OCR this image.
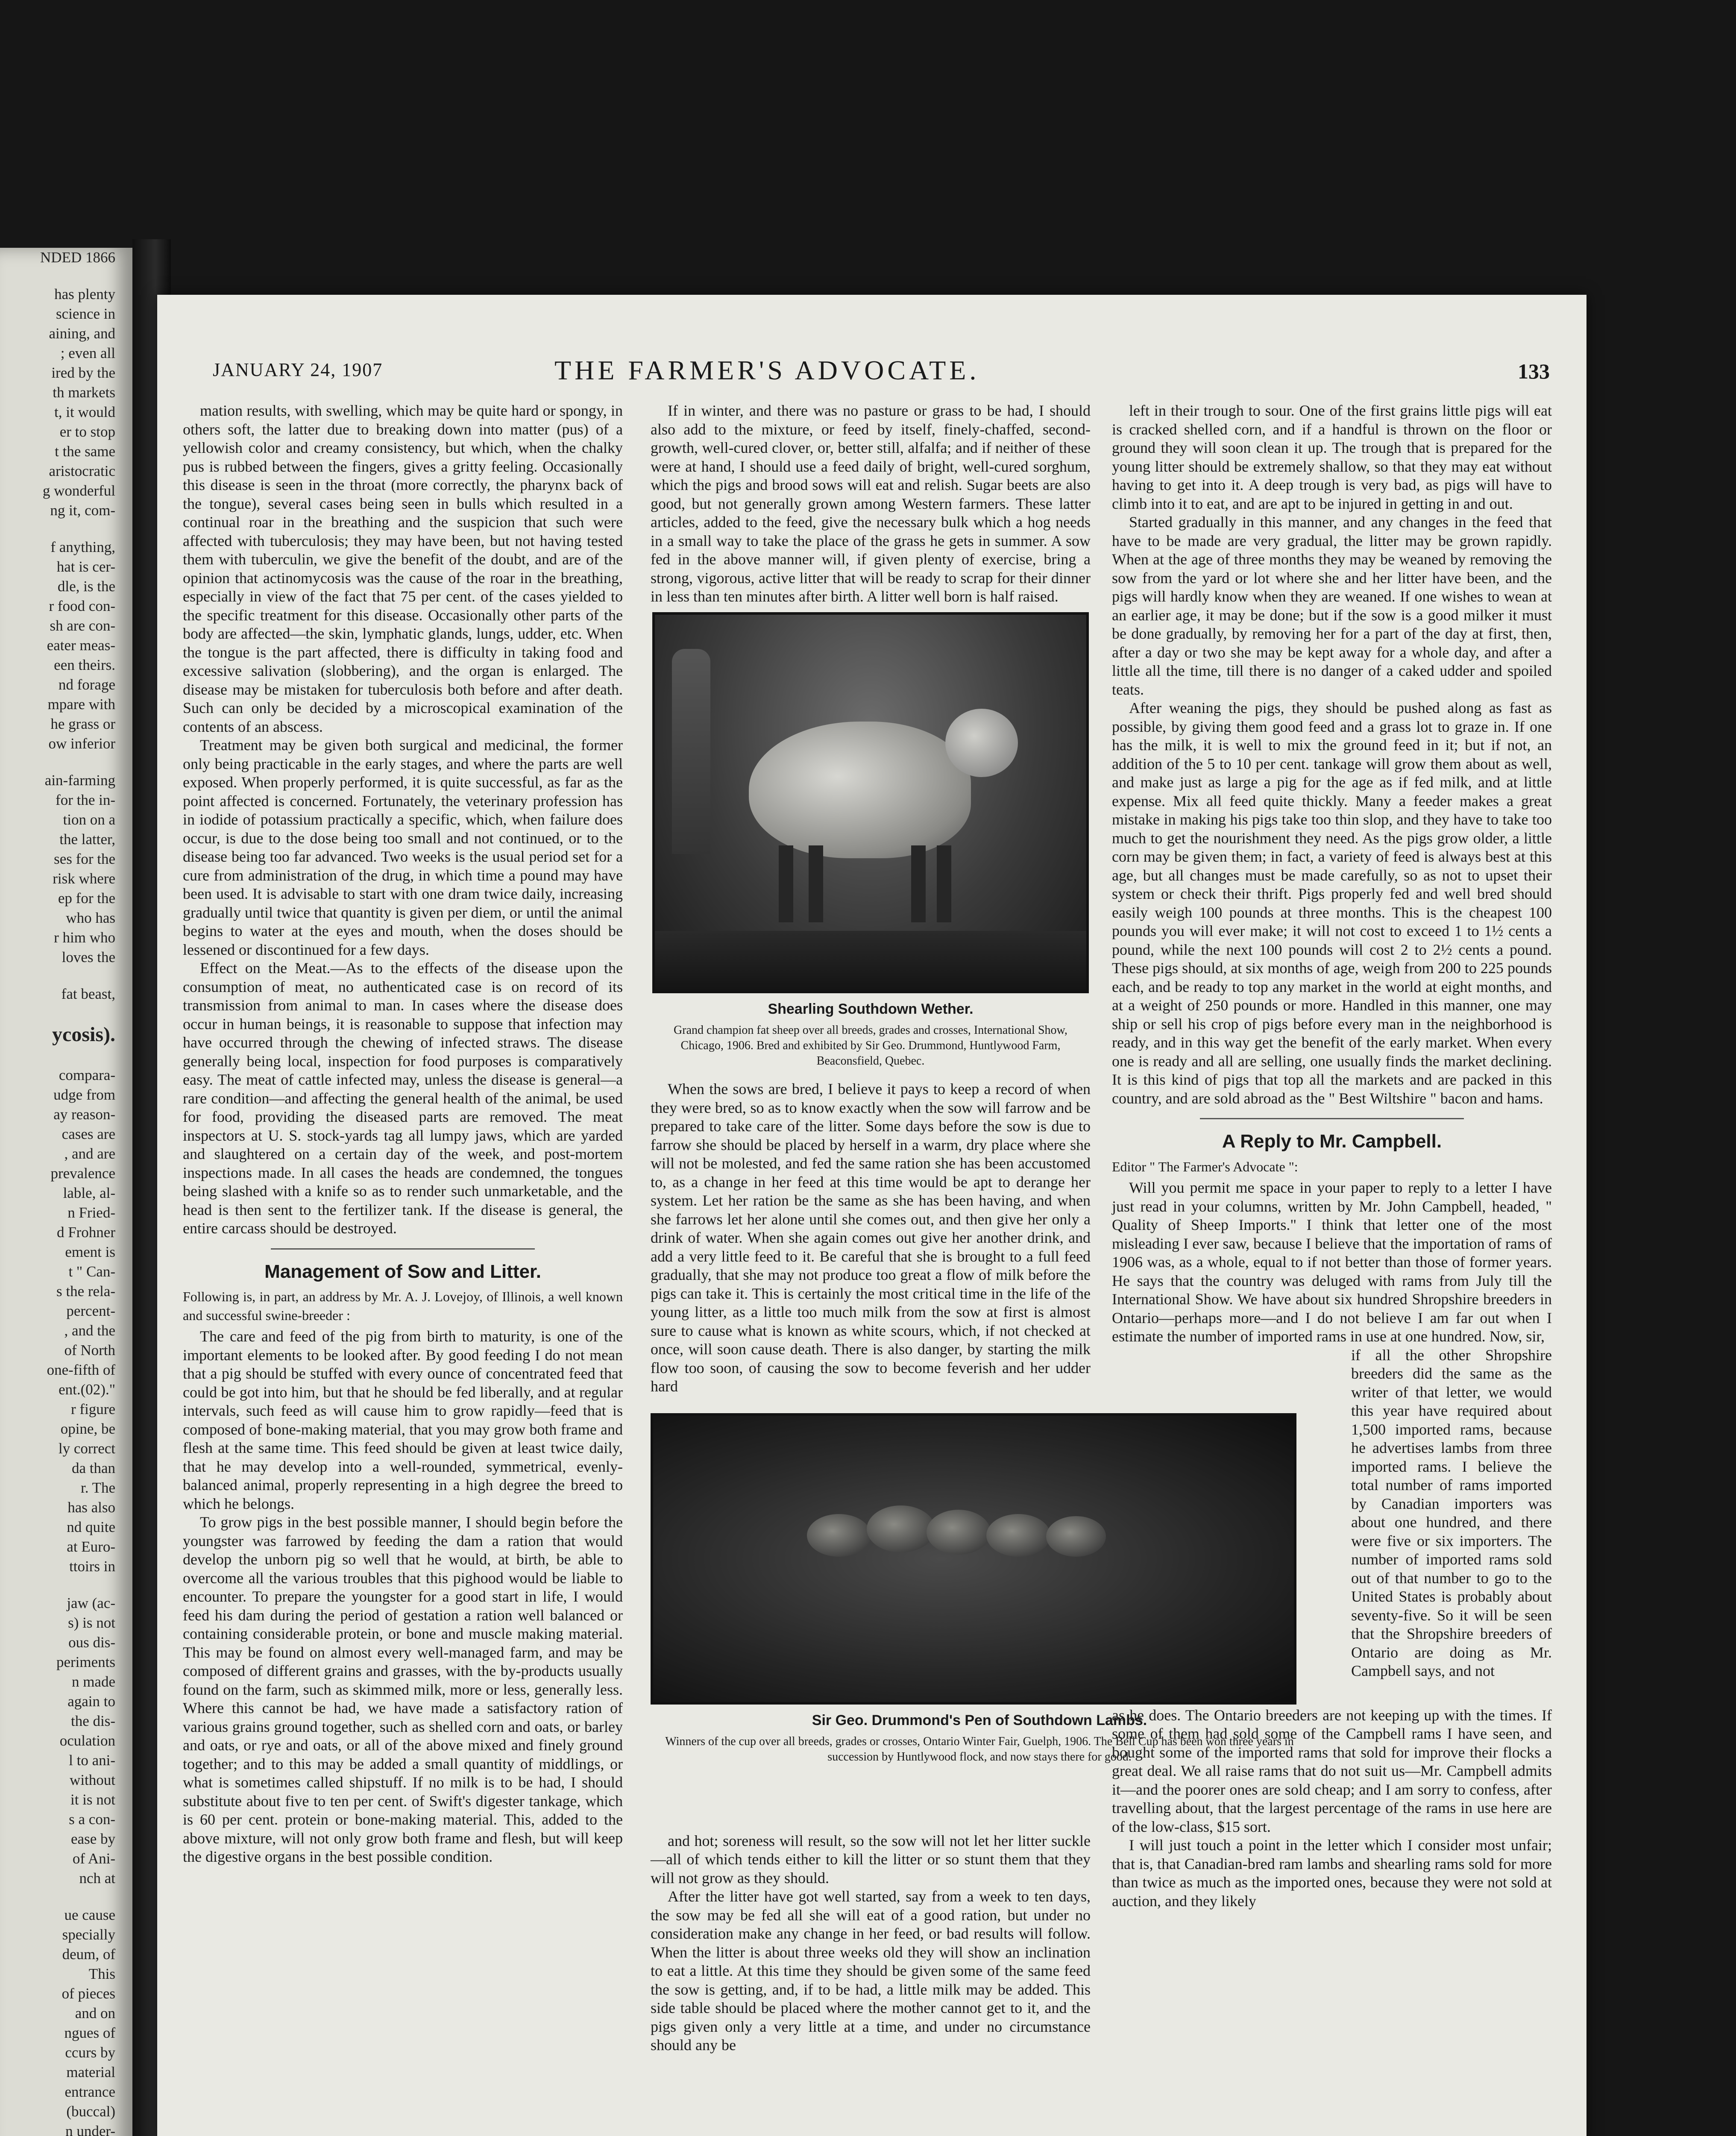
NDED 1866
has plenty
science in
aining, and
; even all
ired by the
th markets
t, it would
er to stop
t the same
aristocratic
g wonderful
ng it, com-
f anything,
hat is cer-
dle, is the
r food con-
sh are con-
eater meas-
een theirs.
nd forage
mpare with
he grass or
ow inferior
ain-farming
for the in-
tion on a
the latter,
ses for the
risk where
ep for the
who has
r him who
loves the
fat beast,
ycosis).
compara-
udge from
ay reason-
cases are
, and are
prevalence
lable, al-
n Fried-
d Frohner
ement is
t " Can-
s the rela-
percent-
, and the
of North
one-fifth of
ent.(02)."
r figure
opine, be
ly correct
da than
r. The
has also
nd quite
at Euro-
ttoirs in
jaw (ac-
s) is not
ous dis-
periments
n made
again to
the dis-
oculation
l to ani-
without
it is not
s a con-
ease by
of Ani-
nch at
ue cause
specially
deum, of
This
of pieces
and on
ngues of
ccurs by
material
entrance
(buccal)
n under-
JANUARY 24, 1907	THE FARMER'S ADVOCATE.	133

mation results, with swelling, which may be quite hard or spongy, in others soft, the latter due to breaking down into matter (pus) of a yellowish color and creamy consistency, but which, when the chalky pus is rubbed between the fingers, gives a gritty feeling. Occasionally this disease is seen in the throat (more correctly, the pharynx back of the tongue), several cases being seen in bulls which resulted in a continual roar in the breathing and the suspicion that such were affected with tuberculosis; they may have been, but not having tested them with tuberculin, we give the benefit of the doubt, and are of the opinion that actinomycosis was the cause of the roar in the breathing, especially in view of the fact that 75 per cent. of the cases yielded to the specific treatment for this disease. Occasionally other parts of the body are affected—the skin, lymphatic glands, lungs, udder, etc. When the tongue is the part affected, there is difficulty in taking food and excessive salivation (slobbering), and the organ is enlarged. The disease may be mistaken for tuberculosis both before and after death. Such can only be decided by a microscopical examination of the contents of an abscess.

Treatment may be given both surgical and medicinal, the former only being practicable in the early stages, and where the parts are well exposed. When properly performed, it is quite successful, as far as the point affected is concerned. Fortunately, the veterinary profession has in iodide of potassium practically a specific, which, when failure does occur, is due to the dose being too small and not continued, or to the disease being too far advanced. Two weeks is the usual period set for a cure from administration of the drug, in which time a pound may have been used. It is advisable to start with one dram twice daily, increasing gradually until twice that quantity is given per diem, or until the animal begins to water at the eyes and mouth, when the doses should be lessened or discontinued for a few days.

Effect on the Meat.—As to the effects of the disease upon the consumption of meat, no authenticated case is on record of its transmission from animal to man. In cases where the disease does occur in human beings, it is reasonable to suppose that infection may have occurred through the chewing of infected straws. The disease generally being local, inspection for food purposes is comparatively easy. The meat of cattle infected may, unless the disease is general—a rare condition—and affecting the general health of the animal, be used for food, providing the diseased parts are removed. The meat inspectors at U. S. stock-yards tag all lumpy jaws, which are yarded and slaughtered on a certain day of the week, and post-mortem inspections made. In all cases the heads are condemned, the tongues being slashed with a knife so as to render such unmarketable, and the head is then sent to the fertilizer tank. If the disease is general, the entire carcass should be destroyed.

Management of Sow and Litter.

Following is, in part, an address by Mr. A. J. Lovejoy, of Illinois, a well known and successful swine-breeder :

The care and feed of the pig from birth to maturity, is one of the important elements to be looked after. By good feeding I do not mean that a pig should be stuffed with every ounce of concentrated feed that could be got into him, but that he should be fed liberally, and at regular intervals, such feed as will cause him to grow rapidly—feed that is composed of bone-making material, that you may grow both frame and flesh at the same time. This feed should be given at least twice daily, that he may develop into a well-rounded, symmetrical, evenly-balanced animal, properly representing in a high degree the breed to which he belongs.

To grow pigs in the best possible manner, I should begin before the youngster was farrowed by feeding the dam a ration that would develop the unborn pig so well that he would, at birth, be able to overcome all the various troubles that this pighood would be liable to encounter. To prepare the youngster for a good start in life, I would feed his dam during the period of gestation a ration well balanced or containing considerable protein, or bone and muscle making material. This may be found on almost every well-managed farm, and may be composed of different grains and grasses, with the by-products usually found on the farm, such as skimmed milk, more or less, generally less. Where this cannot be had, we have made a satisfactory ration of various grains ground together, such as shelled corn and oats, or barley and oats, or rye and oats, or all of the above mixed and finely ground together; and to this may be added a small quantity of middlings, or what is sometimes called shipstuff. If no milk is to be had, I should substitute about five to ten per cent. of Swift's digester tankage, which is 60 per cent. protein or bone-making material. This, added to the above mixture, will not only grow both frame and flesh, but will keep the digestive organs in the best possible condition.

If in winter, and there was no pasture or grass to be had, I should also add to the mixture, or feed by itself, finely-chaffed, second-growth, well-cured clover, or, better still, alfalfa; and if neither of these were at hand, I should use a feed daily of bright, well-cured sorghum, which the pigs and brood sows will eat and relish. Sugar beets are also good, but not generally grown among Western farmers. These latter articles, added to the feed, give the necessary bulk which a hog needs in a small way to take the place of the grass he gets in summer. A sow fed in the above manner will, if given plenty of exercise, bring a strong, vigorous, active litter that will be ready to scrap for their dinner in less than ten minutes after birth. A litter well born is half raised.

Shearling Southdown Wether.
Grand champion fat sheep over all breeds, grades and crosses, International Show, Chicago, 1906. Bred and exhibited by Sir Geo. Drummond, Huntlywood Farm, Beaconsfield, Quebec.

When the sows are bred, I believe it pays to keep a record of when they were bred, so as to know exactly when the sow will farrow and be prepared to take care of the litter. Some days before the sow is due to farrow she should be placed by herself in a warm, dry place where she will not be molested, and fed the same ration she has been accustomed to, as a change in her feed at this time would be apt to derange her system. Let her ration be the same as she has been having, and when she farrows let her alone until she comes out, and then give her only a drink of water. When she again comes out give her another drink, and add a very little feed to it. Be careful that she is brought to a full feed gradually, that she may not produce too great a flow of milk before the pigs can take it. This is certainly the most critical time in the life of the young litter, as a little too much milk from the sow at first is almost sure to cause what is known as white scours, which, if not checked at once, will soon cause death. There is also danger, by starting the milk flow too soon, of causing the sow to become feverish and her udder hard

Sir Geo. Drummond's Pen of Southdown Lambs.
Winners of the cup over all breeds, grades or crosses, Ontario Winter Fair, Guelph, 1906. The Bell Cup has been won three years in succession by Huntlywood flock, and now stays there for good.

and hot; soreness will result, so the sow will not let her litter suckle—all of which tends either to kill the litter or so stunt them that they will not grow as they should.

After the litter have got well started, say from a week to ten days, the sow may be fed all she will eat of a good ration, but under no consideration make any change in her feed, or bad results will follow. When the litter is about three weeks old they will show an inclination to eat a little. At this time they should be given some of the same feed the sow is getting, and, if to be had, a little milk may be added. This side table should be placed where the mother cannot get to it, and the pigs given only a very little at a time, and under no circumstance should any be

left in their trough to sour. One of the first grains little pigs will eat is cracked shelled corn, and if a handful is thrown on the floor or ground they will soon clean it up. The trough that is prepared for the young litter should be extremely shallow, so that they may eat without having to get into it. A deep trough is very bad, as pigs will have to climb into it to eat, and are apt to be injured in getting in and out.

Started gradually in this manner, and any changes in the feed that have to be made are very gradual, the litter may be grown rapidly. When at the age of three months they may be weaned by removing the sow from the yard or lot where she and her litter have been, and the pigs will hardly know when they are weaned. If one wishes to wean at an earlier age, it may be done; but if the sow is a good milker it must be done gradually, by removing her for a part of the day at first, then, after a day or two she may be kept away for a whole day, and after a little all the time, till there is no danger of a caked udder and spoiled teats.

After weaning the pigs, they should be pushed along as fast as possible, by giving them good feed and a grass lot to graze in. If one has the milk, it is well to mix the ground feed in it; but if not, an addition of the 5 to 10 per cent. tankage will grow them about as well, and make just as large a pig for the age as if fed milk, and at little expense. Mix all feed quite thickly. Many a feeder makes a great mistake in making his pigs take too thin slop, and they have to take too much to get the nourishment they need. As the pigs grow older, a little corn may be given them; in fact, a variety of feed is always best at this age, but all changes must be made carefully, so as not to upset their system or check their thrift. Pigs properly fed and well bred should easily weigh 100 pounds at three months. This is the cheapest 100 pounds you will ever make; it will not cost to exceed 1 to 1½ cents a pound, while the next 100 pounds will cost 2 to 2½ cents a pound. These pigs should, at six months of age, weigh from 200 to 225 pounds each, and be ready to top any market in the world at eight months, and at a weight of 250 pounds or more. Handled in this manner, one may ship or sell his crop of pigs before every man in the neighborhood is ready, and in this way get the benefit of the early market. When every one is ready and all are selling, one usually finds the market declining. It is this kind of pigs that top all the markets and are packed in this country, and are sold abroad as the " Best Wiltshire " bacon and hams.

A Reply to Mr. Campbell.

Editor " The Farmer's Advocate ":

Will you permit me space in your paper to reply to a letter I have just read in your columns, written by Mr. John Campbell, headed, " Quality of Sheep Imports." I think that letter one of the most misleading I ever saw, because I believe that the importation of rams of 1906 was, as a whole, equal to if not better than those of former years. He says that the country was deluged with rams from July till the International Show. We have about six hundred Shropshire breeders in Ontario—perhaps more—and I do not believe I am far out when I estimate the number of imported rams in use at one hundred. Now, sir,

if all the other Shropshire breeders did the same as the writer of that letter, we would this year have required about 1,500 imported rams, because he advertises lambs from three imported rams. I believe the total number of rams imported by Canadian importers was about one hundred, and there were five or six importers. The number of imported rams sold out of that number to go to the United States is probably about seventy-five. So it will be seen that the Shropshire breeders of Ontario are doing as Mr. Campbell says, and not

as he does. The Ontario breeders are not keeping up with the times. If some of them had sold some of the Campbell rams I have seen, and bought some of the imported rams that sold for improve their flocks a great deal. We all raise rams that do not suit us—Mr. Campbell admits it—and the poorer ones are sold cheap; and I am sorry to confess, after travelling about, that the largest percentage of the rams in use here are of the low-class, $15 sort.

I will just touch a point in the letter which I consider most unfair; that is, that Canadian-bred ram lambs and shearling rams sold for more than twice as much as the imported ones, because they were not sold at auction, and they likely
